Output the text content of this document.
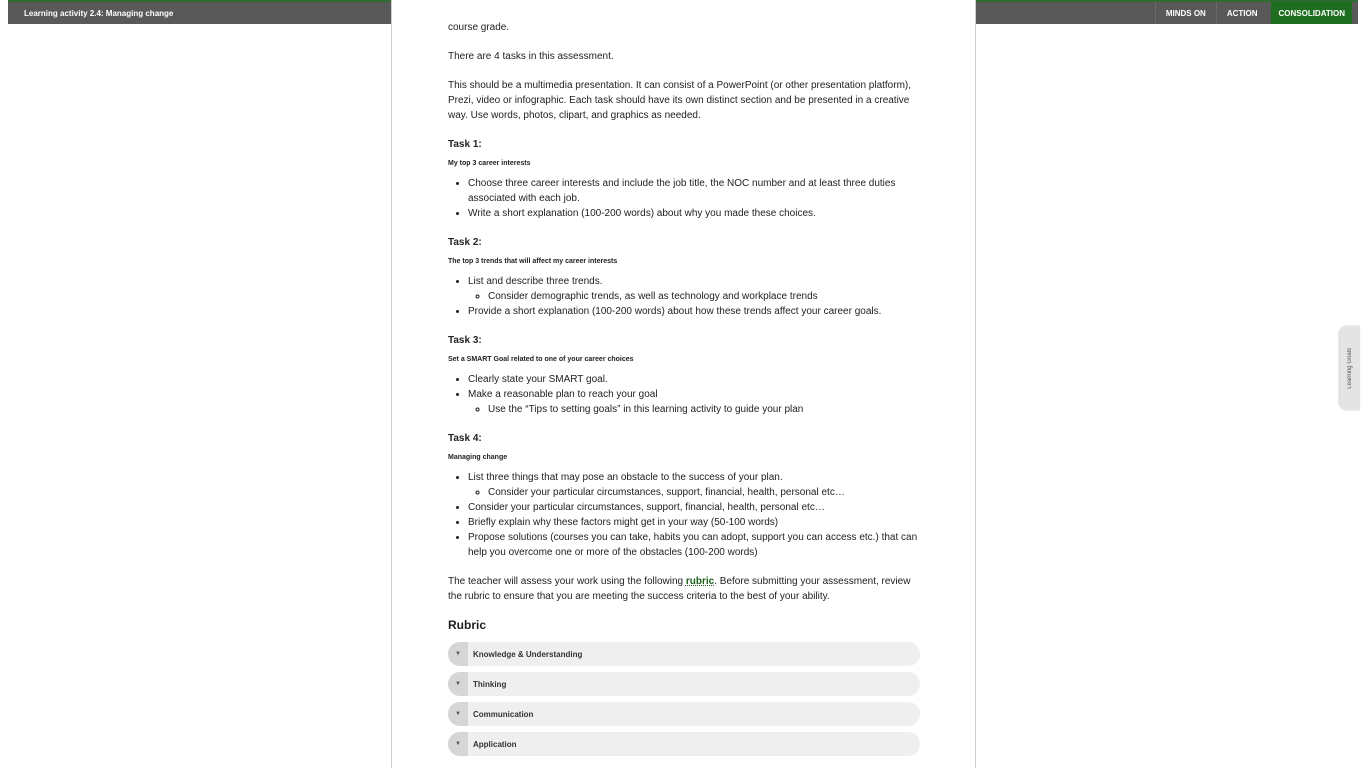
Learning activity 2.4: Managing change	MINDS ON	ACTION	CONSOLIDATION

course grade.

There are 4 tasks in this assessment.

This should be a multimedia presentation. It can consist of a PowerPoint (or other presentation platform), Prezi, video or infographic. Each task should have its own distinct section and be presented in a creative way. Use words, photos, clipart, and graphics as needed.

Task 1:
My top 3 career interests
• Choose three career interests and include the job title, the NOC number and at least three duties associated with each job.
• Write a short explanation (100-200 words) about why you made these choices.
Task 2:
The top 3 trends that will affect my career interests
• List and describe three trends.
◦ Consider demographic trends, as well as technology and workplace trends
• Provide a short explanation (100-200 words) about how these trends affect your career goals.
Task 3:
Set a SMART Goal related to one of your career choices
• Clearly state your SMART goal.
• Make a reasonable plan to reach your goal
◦ Use the “Tips to setting goals” in this learning activity to guide your plan
Task 4:
Managing change
• List three things that may pose an obstacle to the success of your plan.
◦ Consider your particular circumstances, support, financial, health, personal etc…
• Consider your particular circumstances, support, financial, health, personal etc…
• Briefly explain why these factors might get in your way (50-100 words)
• Propose solutions (courses you can take, habits you can adopt, support you can access etc.) that can help you overcome one or more of the obstacles (100-200 words)

The teacher will assess your work using the following rubric. Before submitting your assessment, review the rubric to ensure that you are meeting the success criteria to the best of your ability.

Rubric
▼	Knowledge & Understanding
▼	Thinking
▼	Communication
▼	Application
Learning Goals
